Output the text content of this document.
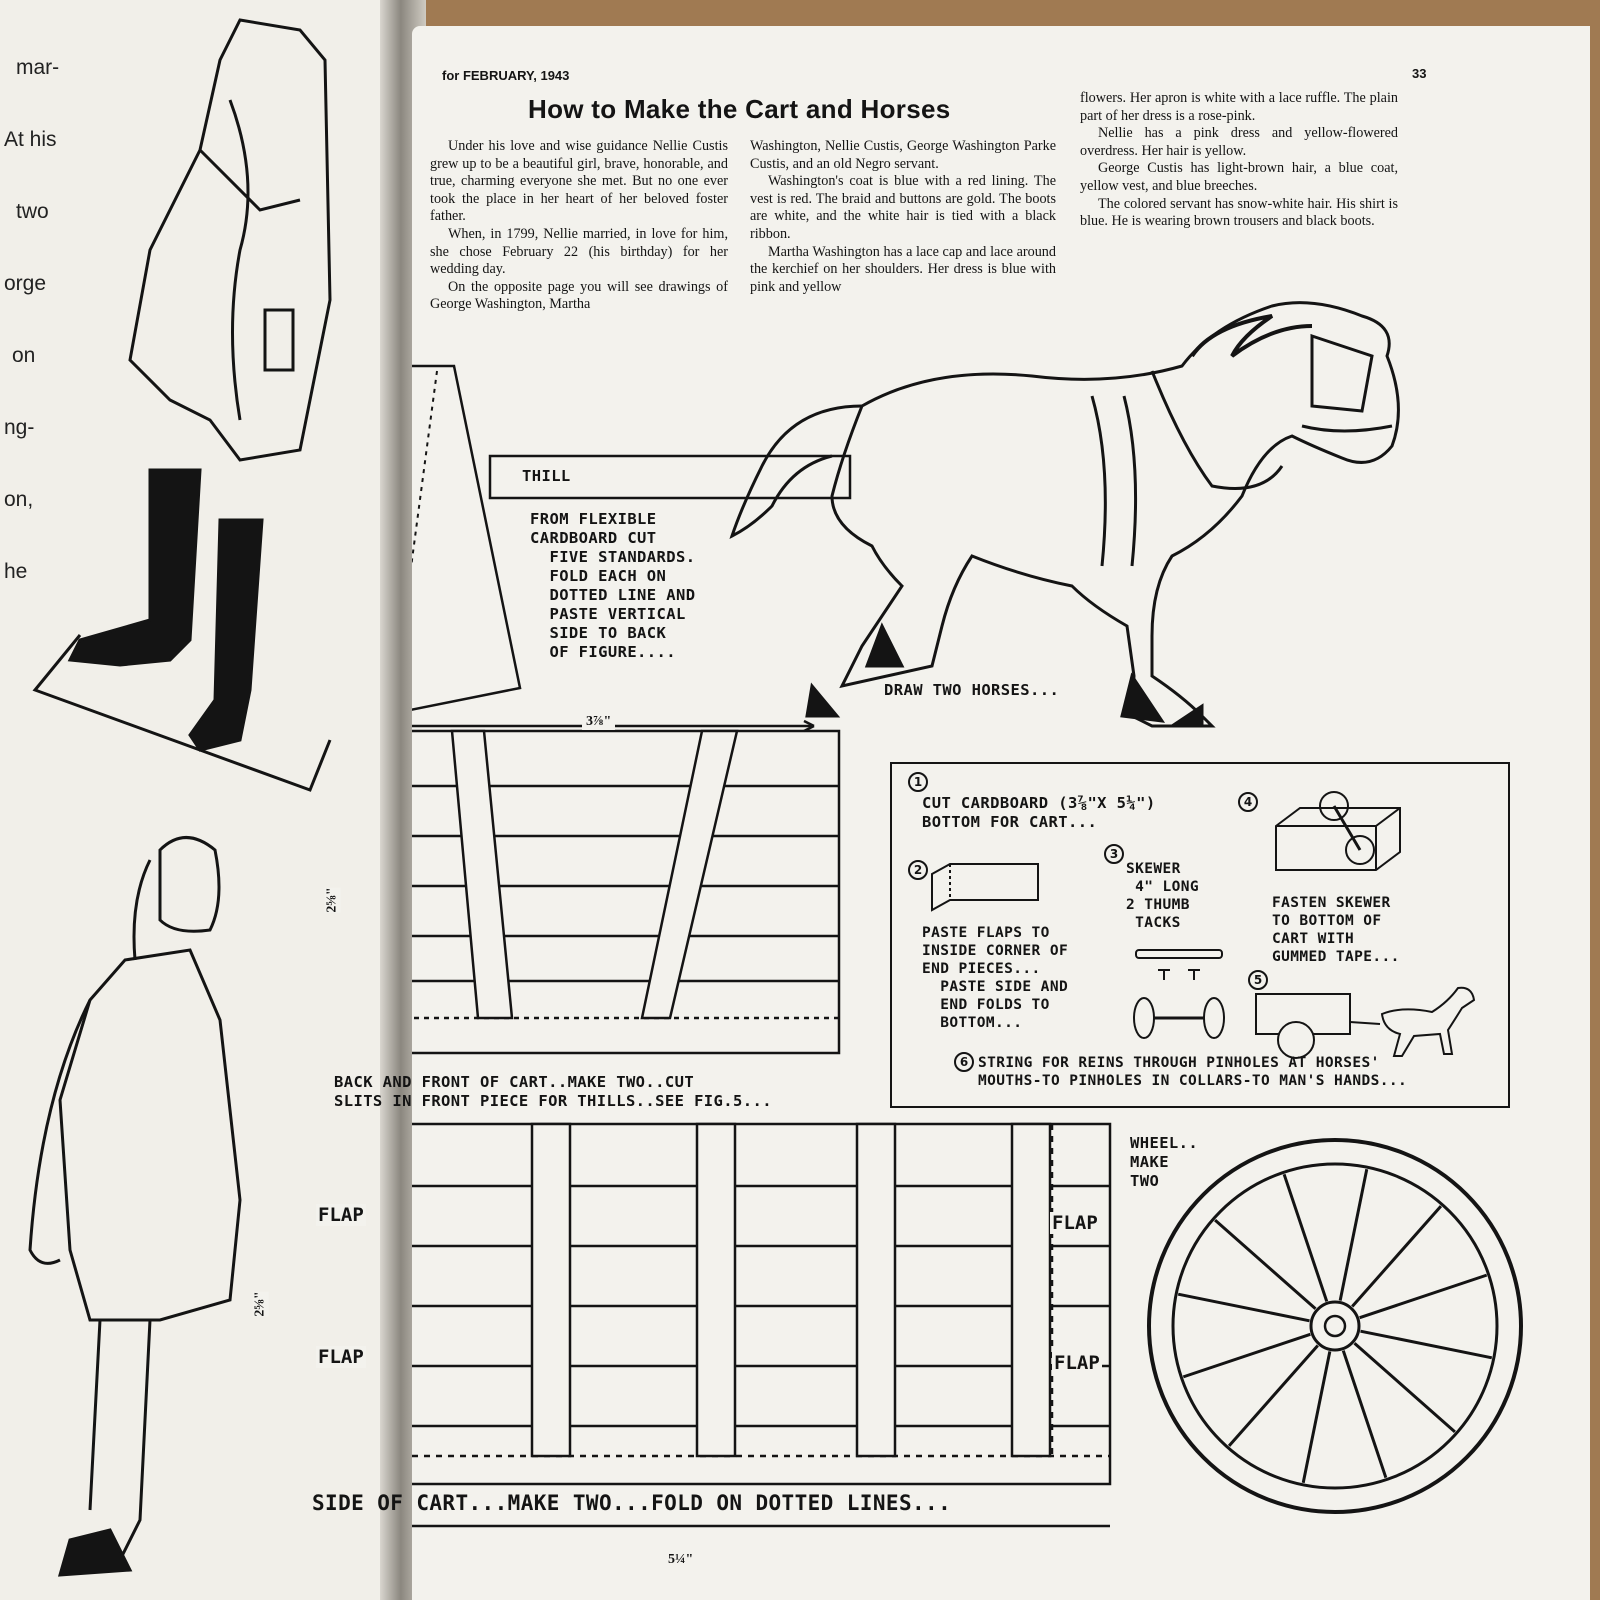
mar-

At his

two

orge

on

ng-

on,

he

for FEBRUARY, 1943	33
How to Make the Cart and Horses

Under his love and wise guidance Nellie Custis grew up to be a beautiful girl, brave, honorable, and true, charming everyone she met. But no one ever took the place in her heart of her beloved foster father.

When, in 1799, Nellie married, in love for him, she chose February 22 (his birthday) for her wedding day.

On the opposite page you will see drawings of George Washington, Martha

Washington, Nellie Custis, George Washington Parke Custis, and an old Negro servant.

Washington's coat is blue with a red lining. The vest is red. The braid and buttons are gold. The boots are white, and the white hair is tied with a black ribbon.

Martha Washington has a lace cap and lace around the kerchief on her shoulders. Her dress is blue with pink and yellow

flowers. Her apron is white with a lace ruffle. The plain part of her dress is a rose-pink.

Nellie has a pink dress and yellow-flowered overdress. Her hair is yellow.

George Custis has light-brown hair, a blue coat, yellow vest, and blue breeches.

The colored servant has snow-white hair. His shirt is blue. He is wearing brown trousers and black boots.

3⅞"
2⅝"
2⅝"
5¼"
THILL
FROM FLEXIBLE
CARDBOARD CUT
FIVE STANDARDS.
FOLD EACH ON
DOTTED LINE AND
PASTE VERTICAL
SIDE TO BACK
OF FIGURE....
DRAW TWO HORSES...
BACK AND FRONT OF CART..MAKE TWO..CUT
SLITS IN FRONT PIECE FOR THILLS..SEE FIG.5...
SIDE OF CART...MAKE TWO...FOLD ON DOTTED LINES...
WHEEL..
MAKE
TWO
FLAP
FLAP
FLAP
FLAP
1
CUT CARDBOARD (3⅞"X 5¼")
BOTTOM FOR CART...
2
PASTE FLAPS TO
INSIDE CORNER OF
END PIECES...
PASTE SIDE AND
END FOLDS TO
BOTTOM...
3
SKEWER
4" LONG
2 THUMB
TACKS
4
FASTEN SKEWER
TO BOTTOM OF
CART WITH
GUMMED TAPE...
5
6 STRING FOR REINS THROUGH PINHOLES AT HORSES'
MOUTHS-TO PINHOLES IN COLLARS-TO MAN'S HANDS...
